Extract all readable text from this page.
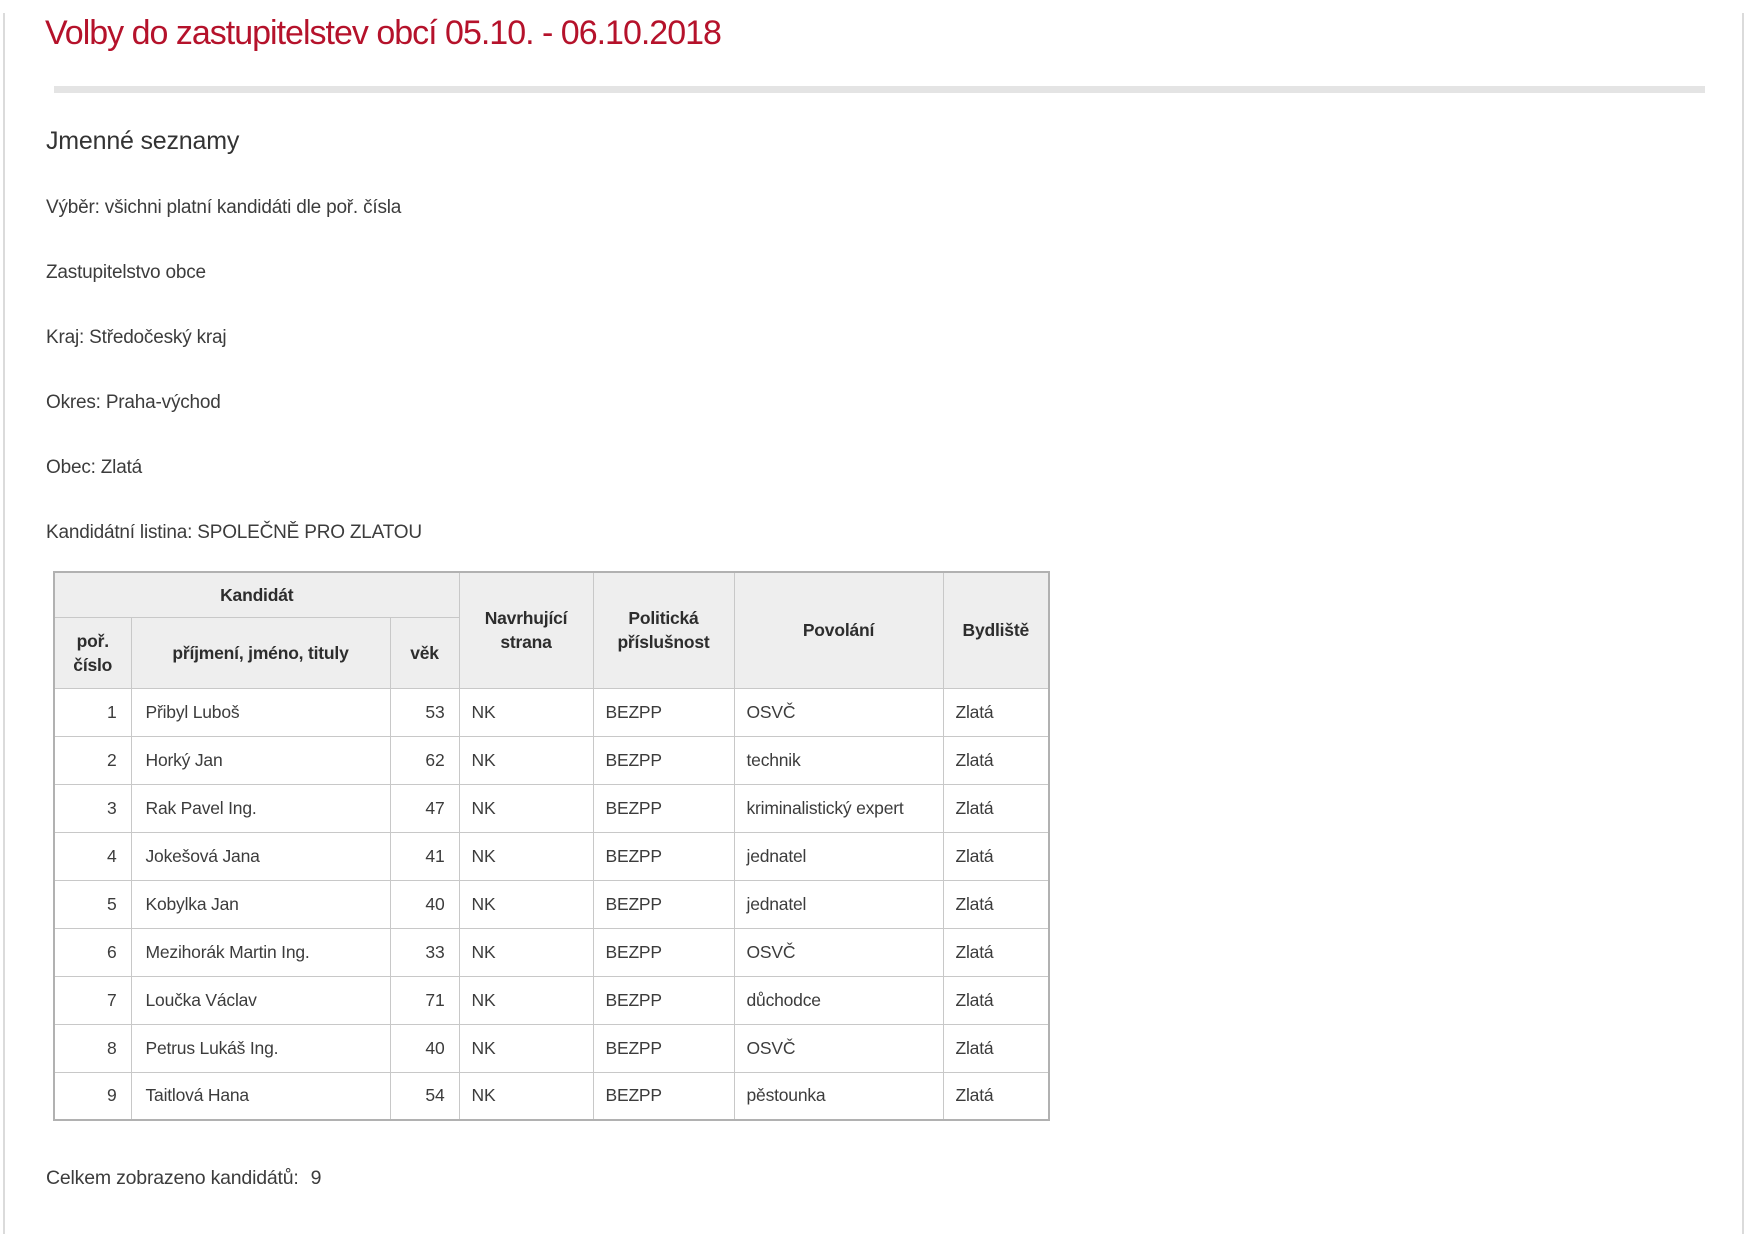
Volby do zastupitelstev obcí 05.10. - 06.10.2018
Jmenné seznamy

Výběr: všichni platní kandidáti dle poř. čísla

Zastupitelstvo obce

Kraj: Středočeský kraj

Okres: Praha-východ

Obec: Zlatá

Kandidátní listina: SPOLEČNĚ PRO ZLATOU

Kandidát			Navrhující strana	Politická příslušnost	Povolání	Bydliště
poř. číslo	příjmení, jméno, tituly	věk				
1	Přibyl Luboš	53	NK	BEZPP	OSVČ	Zlatá
2	Horký Jan	62	NK	BEZPP	technik	Zlatá
3	Rak Pavel Ing.	47	NK	BEZPP	kriminalistický expert	Zlatá
4	Jokešová Jana	41	NK	BEZPP	jednatel	Zlatá
5	Kobylka Jan	40	NK	BEZPP	jednatel	Zlatá
6	Mezihorák Martin Ing.	33	NK	BEZPP	OSVČ	Zlatá
7	Loučka Václav	71	NK	BEZPP	důchodce	Zlatá
8	Petrus Lukáš Ing.	40	NK	BEZPP	OSVČ	Zlatá
9	Taitlová Hana	54	NK	BEZPP	pěstounka	Zlatá

Celkem zobrazeno kandidátů: 9
